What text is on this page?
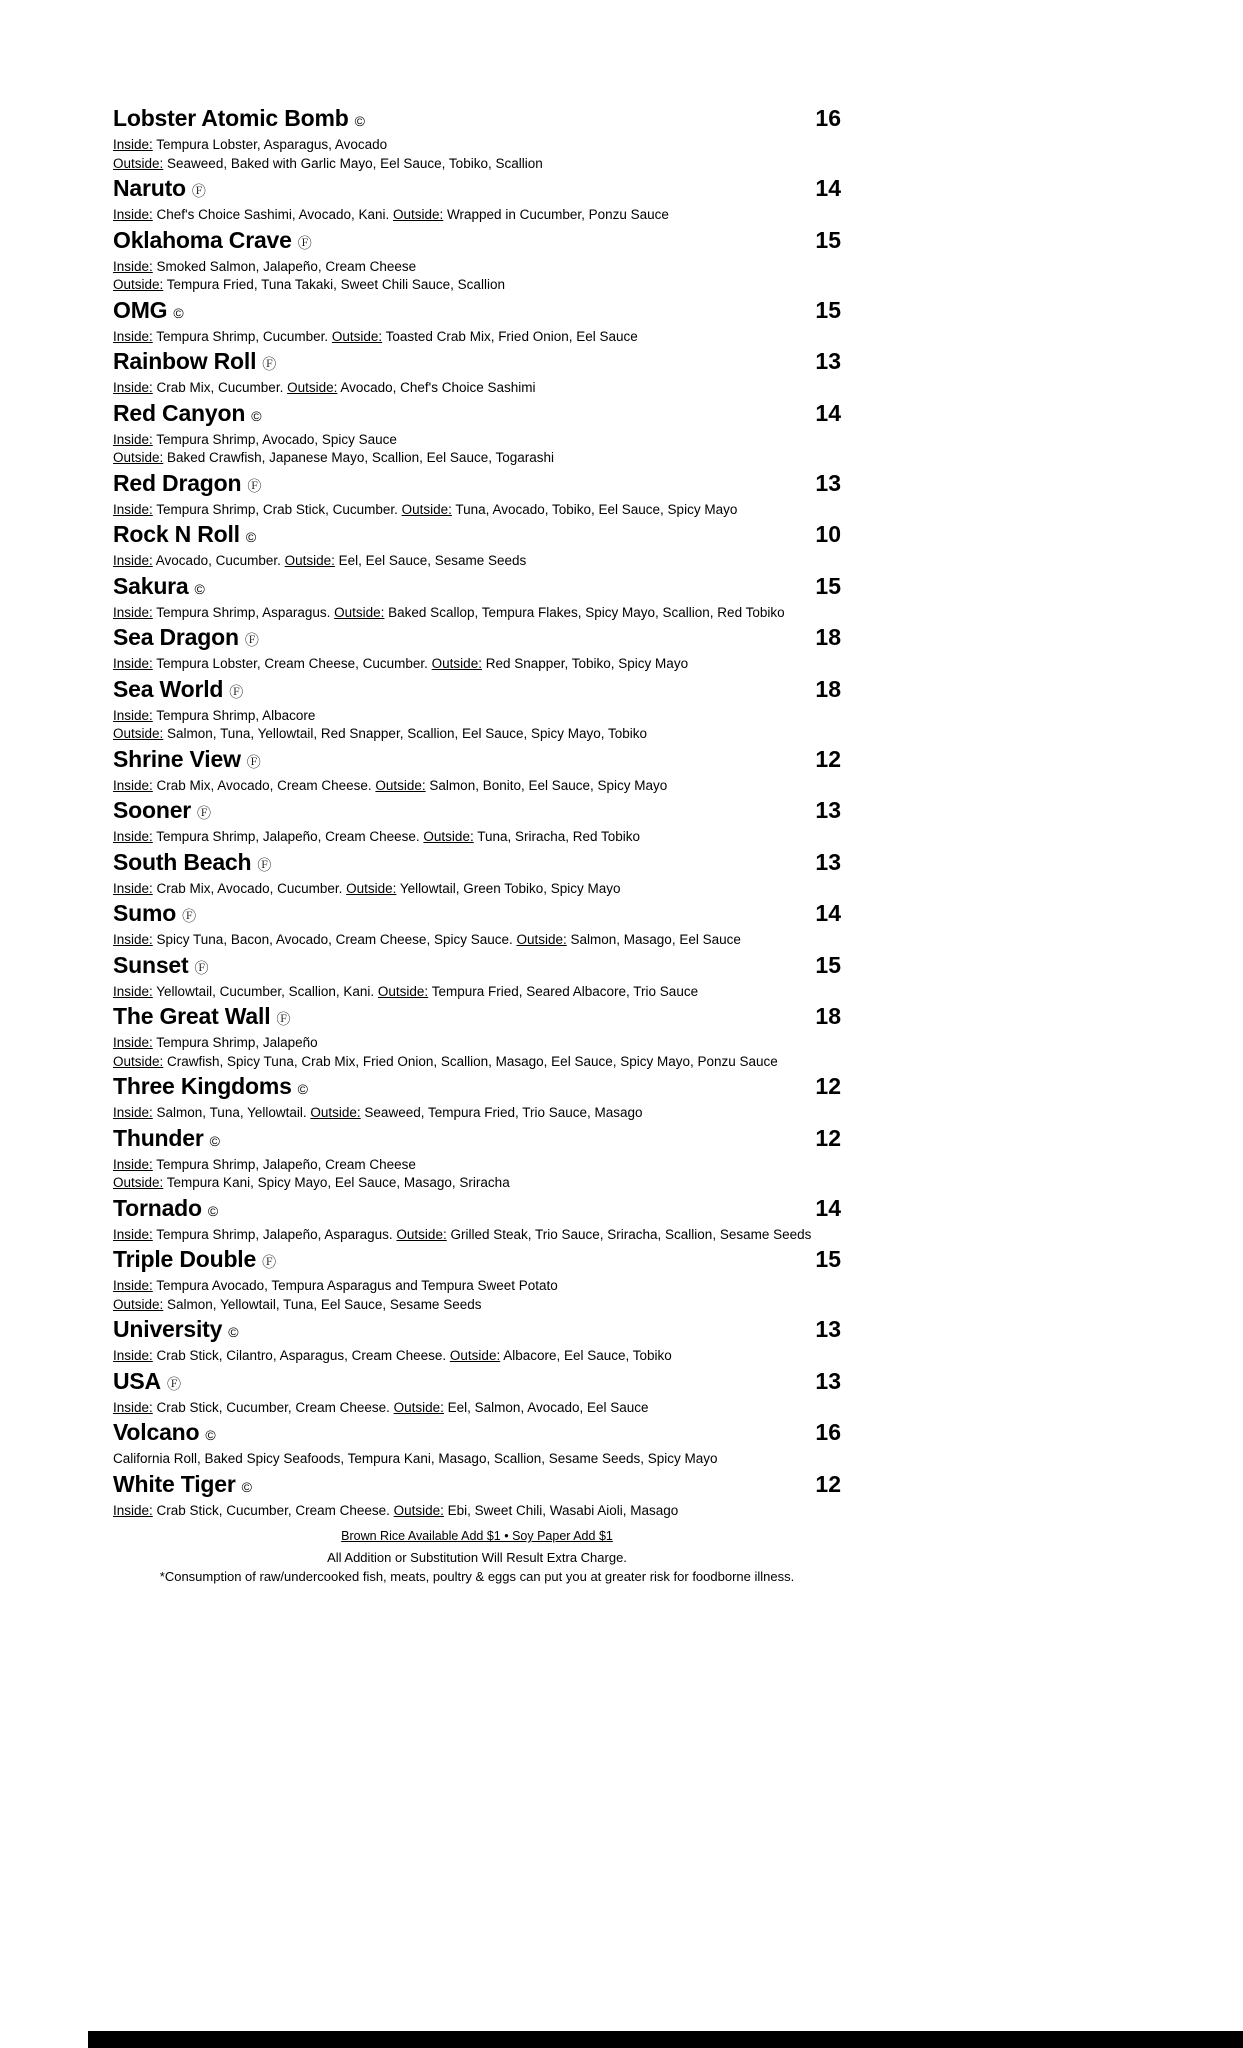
Lobster Atomic Bomb ©	16
Inside: Tempura Lobster, Asparagus, Avocado
Outside: Seaweed, Baked with Garlic Mayo, Eel Sauce, Tobiko, Scallion
Naruto Ⓕ	14
Inside: Chef's Choice Sashimi, Avocado, Kani. Outside: Wrapped in Cucumber, Ponzu Sauce
Oklahoma Crave Ⓕ	15
Inside: Smoked Salmon, Jalapeño, Cream Cheese
Outside: Tempura Fried, Tuna Takaki, Sweet Chili Sauce, Scallion
OMG ©	15
Inside: Tempura Shrimp, Cucumber. Outside: Toasted Crab Mix, Fried Onion, Eel Sauce
Rainbow Roll Ⓕ	13
Inside: Crab Mix, Cucumber. Outside: Avocado, Chef's Choice Sashimi
Red Canyon ©	14
Inside: Tempura Shrimp, Avocado, Spicy Sauce
Outside: Baked Crawfish, Japanese Mayo, Scallion, Eel Sauce, Togarashi
Red Dragon Ⓕ	13
Inside: Tempura Shrimp, Crab Stick, Cucumber. Outside: Tuna, Avocado, Tobiko, Eel Sauce, Spicy Mayo
Rock N Roll ©	10
Inside: Avocado, Cucumber. Outside: Eel, Eel Sauce, Sesame Seeds
Sakura ©	15
Inside: Tempura Shrimp, Asparagus. Outside: Baked Scallop, Tempura Flakes, Spicy Mayo, Scallion, Red Tobiko
Sea Dragon Ⓕ	18
Inside: Tempura Lobster, Cream Cheese, Cucumber. Outside: Red Snapper, Tobiko, Spicy Mayo
Sea World Ⓕ	18
Inside: Tempura Shrimp, Albacore
Outside: Salmon, Tuna, Yellowtail, Red Snapper, Scallion, Eel Sauce, Spicy Mayo, Tobiko
Shrine View Ⓕ	12
Inside: Crab Mix, Avocado, Cream Cheese. Outside: Salmon, Bonito, Eel Sauce, Spicy Mayo
Sooner Ⓕ	13
Inside: Tempura Shrimp, Jalapeño, Cream Cheese. Outside: Tuna, Sriracha, Red Tobiko
South Beach Ⓕ	13
Inside: Crab Mix, Avocado, Cucumber. Outside: Yellowtail, Green Tobiko, Spicy Mayo
Sumo Ⓕ	14
Inside: Spicy Tuna, Bacon, Avocado, Cream Cheese, Spicy Sauce. Outside: Salmon, Masago, Eel Sauce
Sunset Ⓕ	15
Inside: Yellowtail, Cucumber, Scallion, Kani. Outside: Tempura Fried, Seared Albacore, Trio Sauce
The Great Wall Ⓕ	18
Inside: Tempura Shrimp, Jalapeño
Outside: Crawfish, Spicy Tuna, Crab Mix, Fried Onion, Scallion, Masago, Eel Sauce, Spicy Mayo, Ponzu Sauce
Three Kingdoms ©	12
Inside: Salmon, Tuna, Yellowtail. Outside: Seaweed, Tempura Fried, Trio Sauce, Masago
Thunder ©	12
Inside: Tempura Shrimp, Jalapeño, Cream Cheese
Outside: Tempura Kani, Spicy Mayo, Eel Sauce, Masago, Sriracha
Tornado ©	14
Inside: Tempura Shrimp, Jalapeño, Asparagus. Outside: Grilled Steak, Trio Sauce, Sriracha, Scallion, Sesame Seeds
Triple Double Ⓕ	15
Inside: Tempura Avocado, Tempura Asparagus and Tempura Sweet Potato
Outside: Salmon, Yellowtail, Tuna, Eel Sauce, Sesame Seeds
University ©	13
Inside: Crab Stick, Cilantro, Asparagus, Cream Cheese. Outside: Albacore, Eel Sauce, Tobiko
USA Ⓕ	13
Inside: Crab Stick, Cucumber, Cream Cheese. Outside: Eel, Salmon, Avocado, Eel Sauce
Volcano ©	16
California Roll, Baked Spicy Seafoods, Tempura Kani, Masago, Scallion, Sesame Seeds, Spicy Mayo
White Tiger ©	12
Inside: Crab Stick, Cucumber, Cream Cheese. Outside: Ebi, Sweet Chili, Wasabi Aioli, Masago
Brown Rice Available Add $1 • Soy Paper Add $1
All Addition or Substitution Will Result Extra Charge.
*Consumption of raw/undercooked fish, meats, poultry & eggs can put you at greater risk for foodborne illness.
